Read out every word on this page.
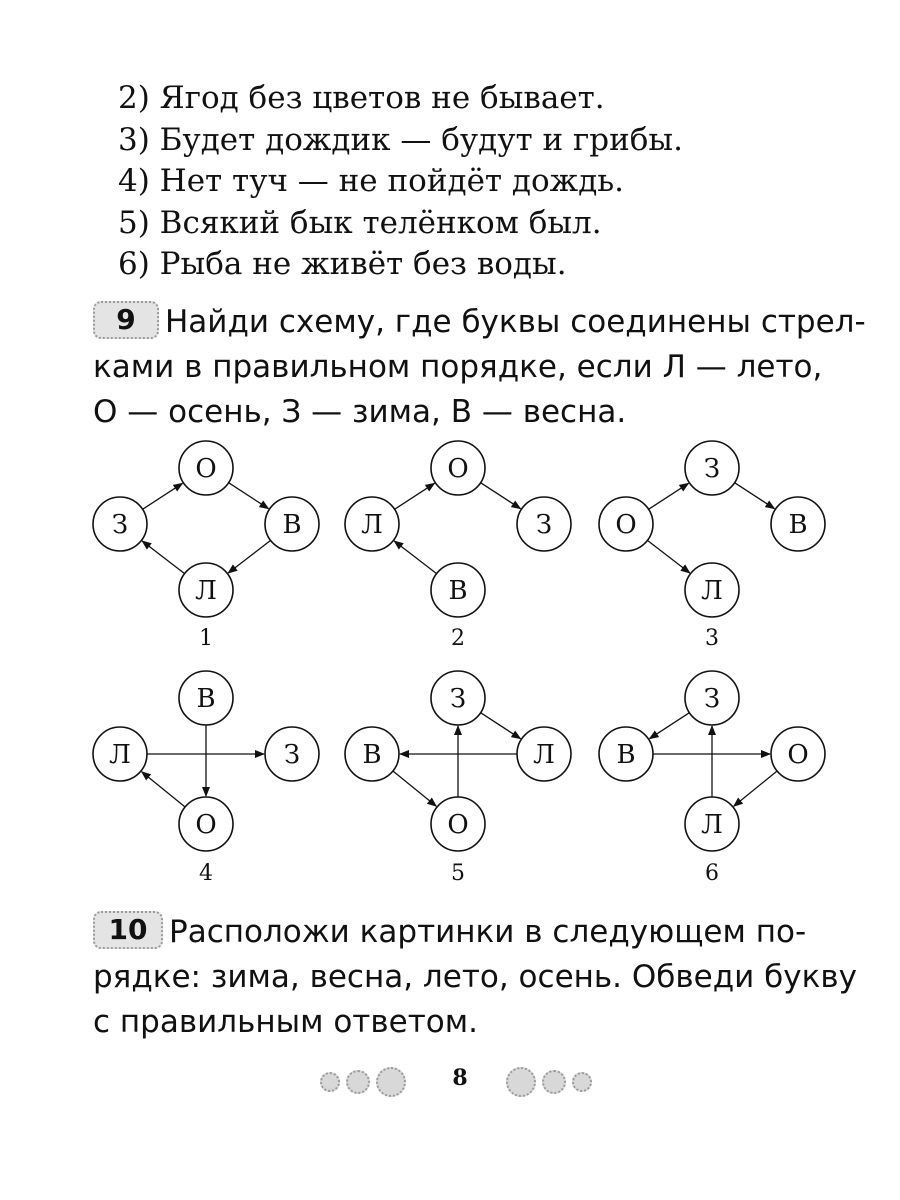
2) Ягод без цветов не бывает.
3) Будет дождик — будут и грибы.
4) Нет туч — не пойдёт дождь.
5) Всякий бык телёнком был.
6) Рыба не живёт без воды.

9 Найди схему, где буквы соединены стрел-

ками в правильном порядке, если Л — лето,

О — осень, З — зима, В — весна.

О
З	В
Л
1
О
Л	З
В
2
З
О	В
Л
3
В
Л	З
О
4
З
В	Л
О
5
З
В	О
Л
6

10 Расположи картинки в следующем по-

рядке: зима, весна, лето, осень. Обведи букву

с правильным ответом.

8
